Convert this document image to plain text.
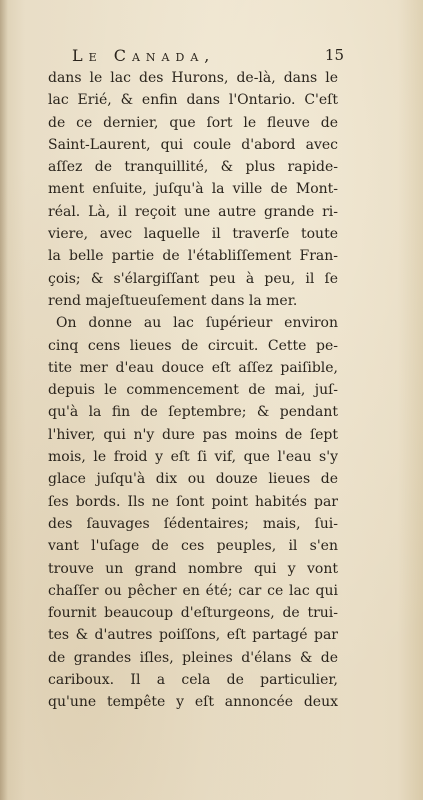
Le Canada,	15
dans le lac des Hurons, de-là, dans le
lac Erié, & enfin dans l'Ontario. C'eſt
de ce dernier, que ſort le fleuve de
Saint-Laurent, qui coule d'abord avec
aſſez de tranquillité, & plus rapide-
ment enſuite, juſqu'à la ville de Mont-
réal. Là, il reçoit une autre grande ri-
viere, avec laquelle il traverſe toute
la belle partie de l'établiſſement Fran-
çois; & s'élargiſſant peu à peu, il ſe
rend majeſtueuſement dans la mer.
On donne au lac ſupérieur environ
cinq cens lieues de circuit. Cette pe-
tite mer d'eau douce eſt aſſez paiſible,
depuis le commencement de mai, juſ-
qu'à la fin de ſeptembre; & pendant
l'hiver, qui n'y dure pas moins de ſept
mois, le froid y eſt ſi vif, que l'eau s'y
glace juſqu'à dix ou douze lieues de
ſes bords. Ils ne ſont point habités par
des ſauvages ſédentaires; mais, ſui-
vant l'uſage de ces peuples, il s'en
trouve un grand nombre qui y vont
chaſſer ou pêcher en été; car ce lac qui
fournit beaucoup d'eſturgeons, de trui-
tes & d'autres poiſſons, eſt partagé par
de grandes iſles, pleines d'élans & de
cariboux. Il a cela de particulier,
qu'une tempête y eſt annoncée deux
